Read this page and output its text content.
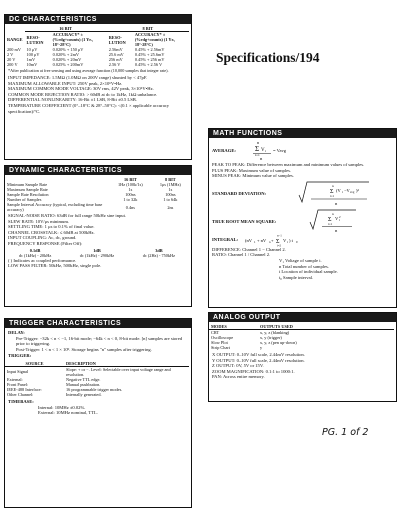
DC CHARACTERISTICS
	16 BIT		8 BIT	
RANGE	RESO-LUTION	ACCURACY* ±(%rdg+counts) (1 Yr., 18°-28°C)	RESO-LUTION	ACCURACY* ±(%rdg+counts) (1 Yr., 18°-28°C)
200 mV	10 μV	0.020% + 150 μV	2.56mV	0.45% + 2.56mV
2 V	100 μV	0.020% + 2mV	25.6 mV	0.45% + 25.6mV
20 V	1mV	0.020% + 20mV	256 mV	0.45% + 256 mV
200 V	10mV	0.025% + 200mV	2.56 V	0.45% + 2.56 V
*After publication at free sensing and using average function (10,000 samples that integer rate).
INPUT IMPEDANCE: 1.5MΩ (1.0MΩ on 200V range) shunted by < 47pF.
MAXIMUM ALLOWABLE INPUT: 250V peak, 2×10⁶V•Hz.
MAXIMUM COMMON MODE VOLTAGE: 30V rms, 42V peak, 3×10⁶V•Hz.
COMMON MODE REJECTION RATIO: > 60dB at dc to 1kHz, 1kΩ unbalance.
DIFFERENTIAL NONLINEARITY: 16-Bit ±1 LSB, 8-Bit ±0.5 LSB.
TEMPERATURE COEFFICIENT (0°–18°C & 28°–50°C): <(0.1 × applicable accuracy specification)/°C.
Specifications/194
DYNAMIC CHARACTERISTICS
	16 BIT	8 BIT
Minimum Sample Rate	1Hz (100k/1s)	1μs (1MHz)
Maximum Sample Rate	1s	1s
Sample Rate Resolution	100ns	100ns
Number of Samples	1 to 32k	1 to 64k
Sample Interval Accuracy (typical, excluding time base accuracy)	0.4ns	2ns
SIGNAL-NOISE RATIO: 63dB for full range 50kHz sine input.
SLEW RATE: 10V/μs minimum.
SETTLING TIME: 1 μs to 0.1% of final value.
CHANNEL CROSSTALK: ≤ 60dB at 500kHz.
INPUT COUPLING: Ac, dc, ground.
FREQUENCY RESPONSE (Filter Off):
0.1dB	1dB	3dB
dc (1kHz) - 20kHz	dc (1kHz) - 290kHz	dc (2Hz) - 750kHz
( ) Indicates ac coupled performance.
LOW PASS FILTER: 50kHz, 500kHz, single pole.
TRIGGER CHARACTERISTICS
DELAY:
Pre-Trigger: −32k < n < −1, 16-bit mode; −64k < n < 0, 8-bit mode. [n] samples are stored prior to triggering.
Post-Trigger: 1 < n < 1 × 10⁹. Storage begins "n" samples after triggering.
TRIGGER:
SOURCE	DESCRIPTION
Input Signal	Slope: + or −. Level: Selectable over input voltage range and resolution.
External:	Negative TTL edge.
Front Panel:	Manual pushbutton.
IEEE-488 Interface:	16 programmable trigger modes.
Other Channel:	Internally generated.
TIMEBASE:
Internal: 10MHz ±0.02%.
External: 10MHz nominal, TTL.
MATH FUNCTIONS
AVERAGE:
n
Σ V i
i=1
n
= Vavg
PEAK TO PEAK: Difference between maximum and minimum values of samples.
PLUS PEAK: Maximum value of samples.
MINUS PEAK: Minimum value of samples.
STANDARD DEVIATION:
n
Σ (V i −V avg )²
i=1
n
TRUE ROOT MEAN SQUARE:
n
Σ V 2
i
i=1
n
INTEGRAL: (nV 1 + nV n +
n−1
Σ
i=2
V i ) t 0
DIFFERENCE: Channel 1 − Channel 2.
RATIO: Channel 1 / Channel 2.
V₁ Voltage of sample i.
n Total number of samples.
i Location of individual sample.
t₀ Sample interval.
ANALOG OUTPUT
MODES	OUTPUTS USED
CRT	x, y, z (blanking)
Oscilloscope	x, y (trigger)
Slow Plot	x, y, z (pen up-down)
Strip Chart	y
X OUTPUT: 0–10V full scale, 2.44mV resolution.
Y OUTPUT: 0–10V full scale, 2.44mV resolution.
Z OUTPUT: 0V, 5V or 15V.
ZOOM MAGNIFICATION: 0.1:1 to 1000:1.
PAN: Across entire memory.
PG. 1 of 2
